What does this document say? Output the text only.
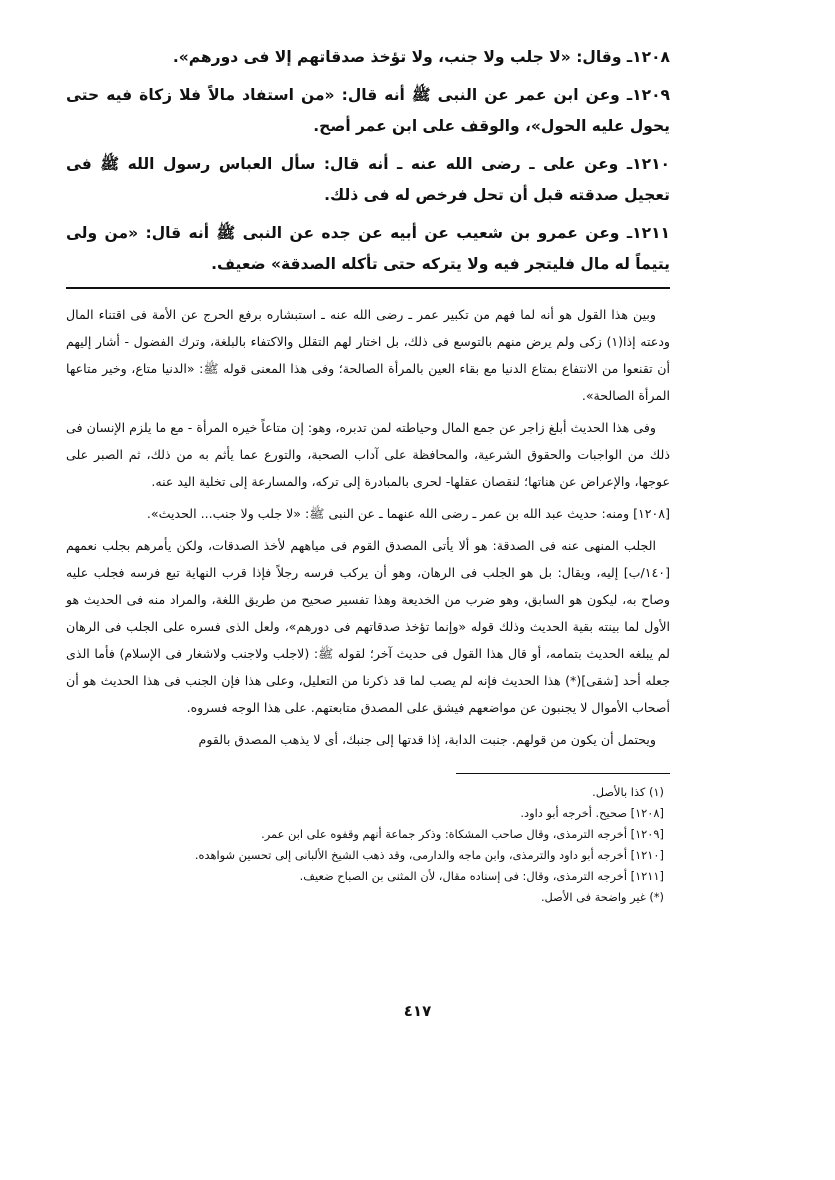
١٢٠٨ـ وقال: «لا جلب ولا جنب، ولا تؤخذ صدقاتهم إلا فى دورهم».

١٢٠٩ـ وعن ابن عمر عن النبى ﷺ أنه قال: «من استفاد مالاً فلا زكاة فيه حتى يحول عليه الحول»، والوقف على ابن عمر أصح.

١٢١٠ـ وعن على ـ رضى الله عنه ـ أنه قال: سأل العباس رسول الله ﷺ فى تعجيل صدقته قبل أن تحل فرخص له فى ذلك.

١٢١١ـ وعن عمرو بن شعيب عن أبيه عن جده عن النبى ﷺ أنه قال: «من ولى يتيماً له مال فليتجر فيه ولا يتركه حتى تأكله الصدقة» ضعيف.

وبين هذا القول هو أنه لما فهم من تكبير عمر ـ رضى الله عنه ـ استبشاره برفع الحرج عن الأمة فى اقتناء المال ودعته إذا(١) زكى ولم يرض منهم بالتوسع فى ذلك، بل اختار لهم التقلل والاكتفاء بالبلغة، وترك الفضول - أشار إليهم أن تقنعوا من الانتفاع بمتاع الدنيا مع بقاء العين بالمرأة الصالحة؛ وفى هذا المعنى قوله ﷺ: «الدنيا متاع، وخير متاعها المرأة الصالحة».

وفى هذا الحديث أبلغ زاجر عن جمع المال وحياطته لمن تدبره، وهو: إن متاعاً خيره المرأة - مع ما يلزم الإنسان فى ذلك من الواجبات والحقوق الشرعية، والمحافظة على آداب الصحبة، والتورع عما يأثم به من ذلك، ثم الصبر على عوجها، والإعراض عن هناتها؛ لنقصان عقلها- لحرى بالمبادرة إلى تركه، والمسارعة إلى تخلية اليد عنه.

[١٢٠٨] ومنه: حديث عبد الله بن عمر ـ رضى الله عنهما ـ عن النبى ﷺ: «لا جلب ولا جنب... الحديث».

الجلب المنهى عنه فى الصدقة: هو ألا يأتى المصدق القوم فى مياههم لأخذ الصدقات، ولكن يأمرهم بجلب نعمهم [١٤٠/ب] إليه، ويقال: بل هو الجلب فى الرهان، وهو أن يركب فرسه رجلاً فإذا قرب النهاية تبع فرسه فجلب عليه وصاح به، ليكون هو السابق، وهو ضرب من الخديعة وهذا تفسير صحيح من طريق اللغة، والمراد منه فى الحديث هو الأول لما بينته بقية الحديث وذلك قوله «وإنما تؤخذ صدقاتهم فى دورهم»، ولعل الذى فسره على الجلب فى الرهان لم يبلغه الحديث بتمامه، أو قال هذا القول فى حديث آخر؛ لقوله ﷺ: (لاجلب ولاجنب ولاشغار فى الإسلام) فأما الذى جعله أحد [شقى](*) هذا الحديث فإنه لم يصب لما قد ذكرنا من التعليل، وعلى هذا فإن الجنب فى هذا الحديث هو أن أصحاب الأموال لا يجنبون عن مواضعهم فيشق على المصدق متابعتهم. على هذا الوجه فسروه.

ويحتمل أن يكون من قولهم. جنبت الدابة، إذا قدتها إلى جنبك، أى لا يذهب المصدق بالقوم

(١) كذا بالأصل.

[١٢٠٨] صحيح. أخرجه أبو داود.

[١٢٠٩] أخرجه الترمذى، وقال صاحب المشكاة: وذكر جماعة أنهم وقفوه على ابن عمر.

[١٢١٠] أخرجه أبو داود والترمذى، وابن ماجه والدارمى، وقد ذهب الشيخ الألبانى إلى تحسين شواهده.

[١٢١١] أخرجه الترمذى، وقال: فى إسناده مقال، لأن المثنى بن الصباح ضعيف.

(*) غير واضحة فى الأصل.

٤١٧
